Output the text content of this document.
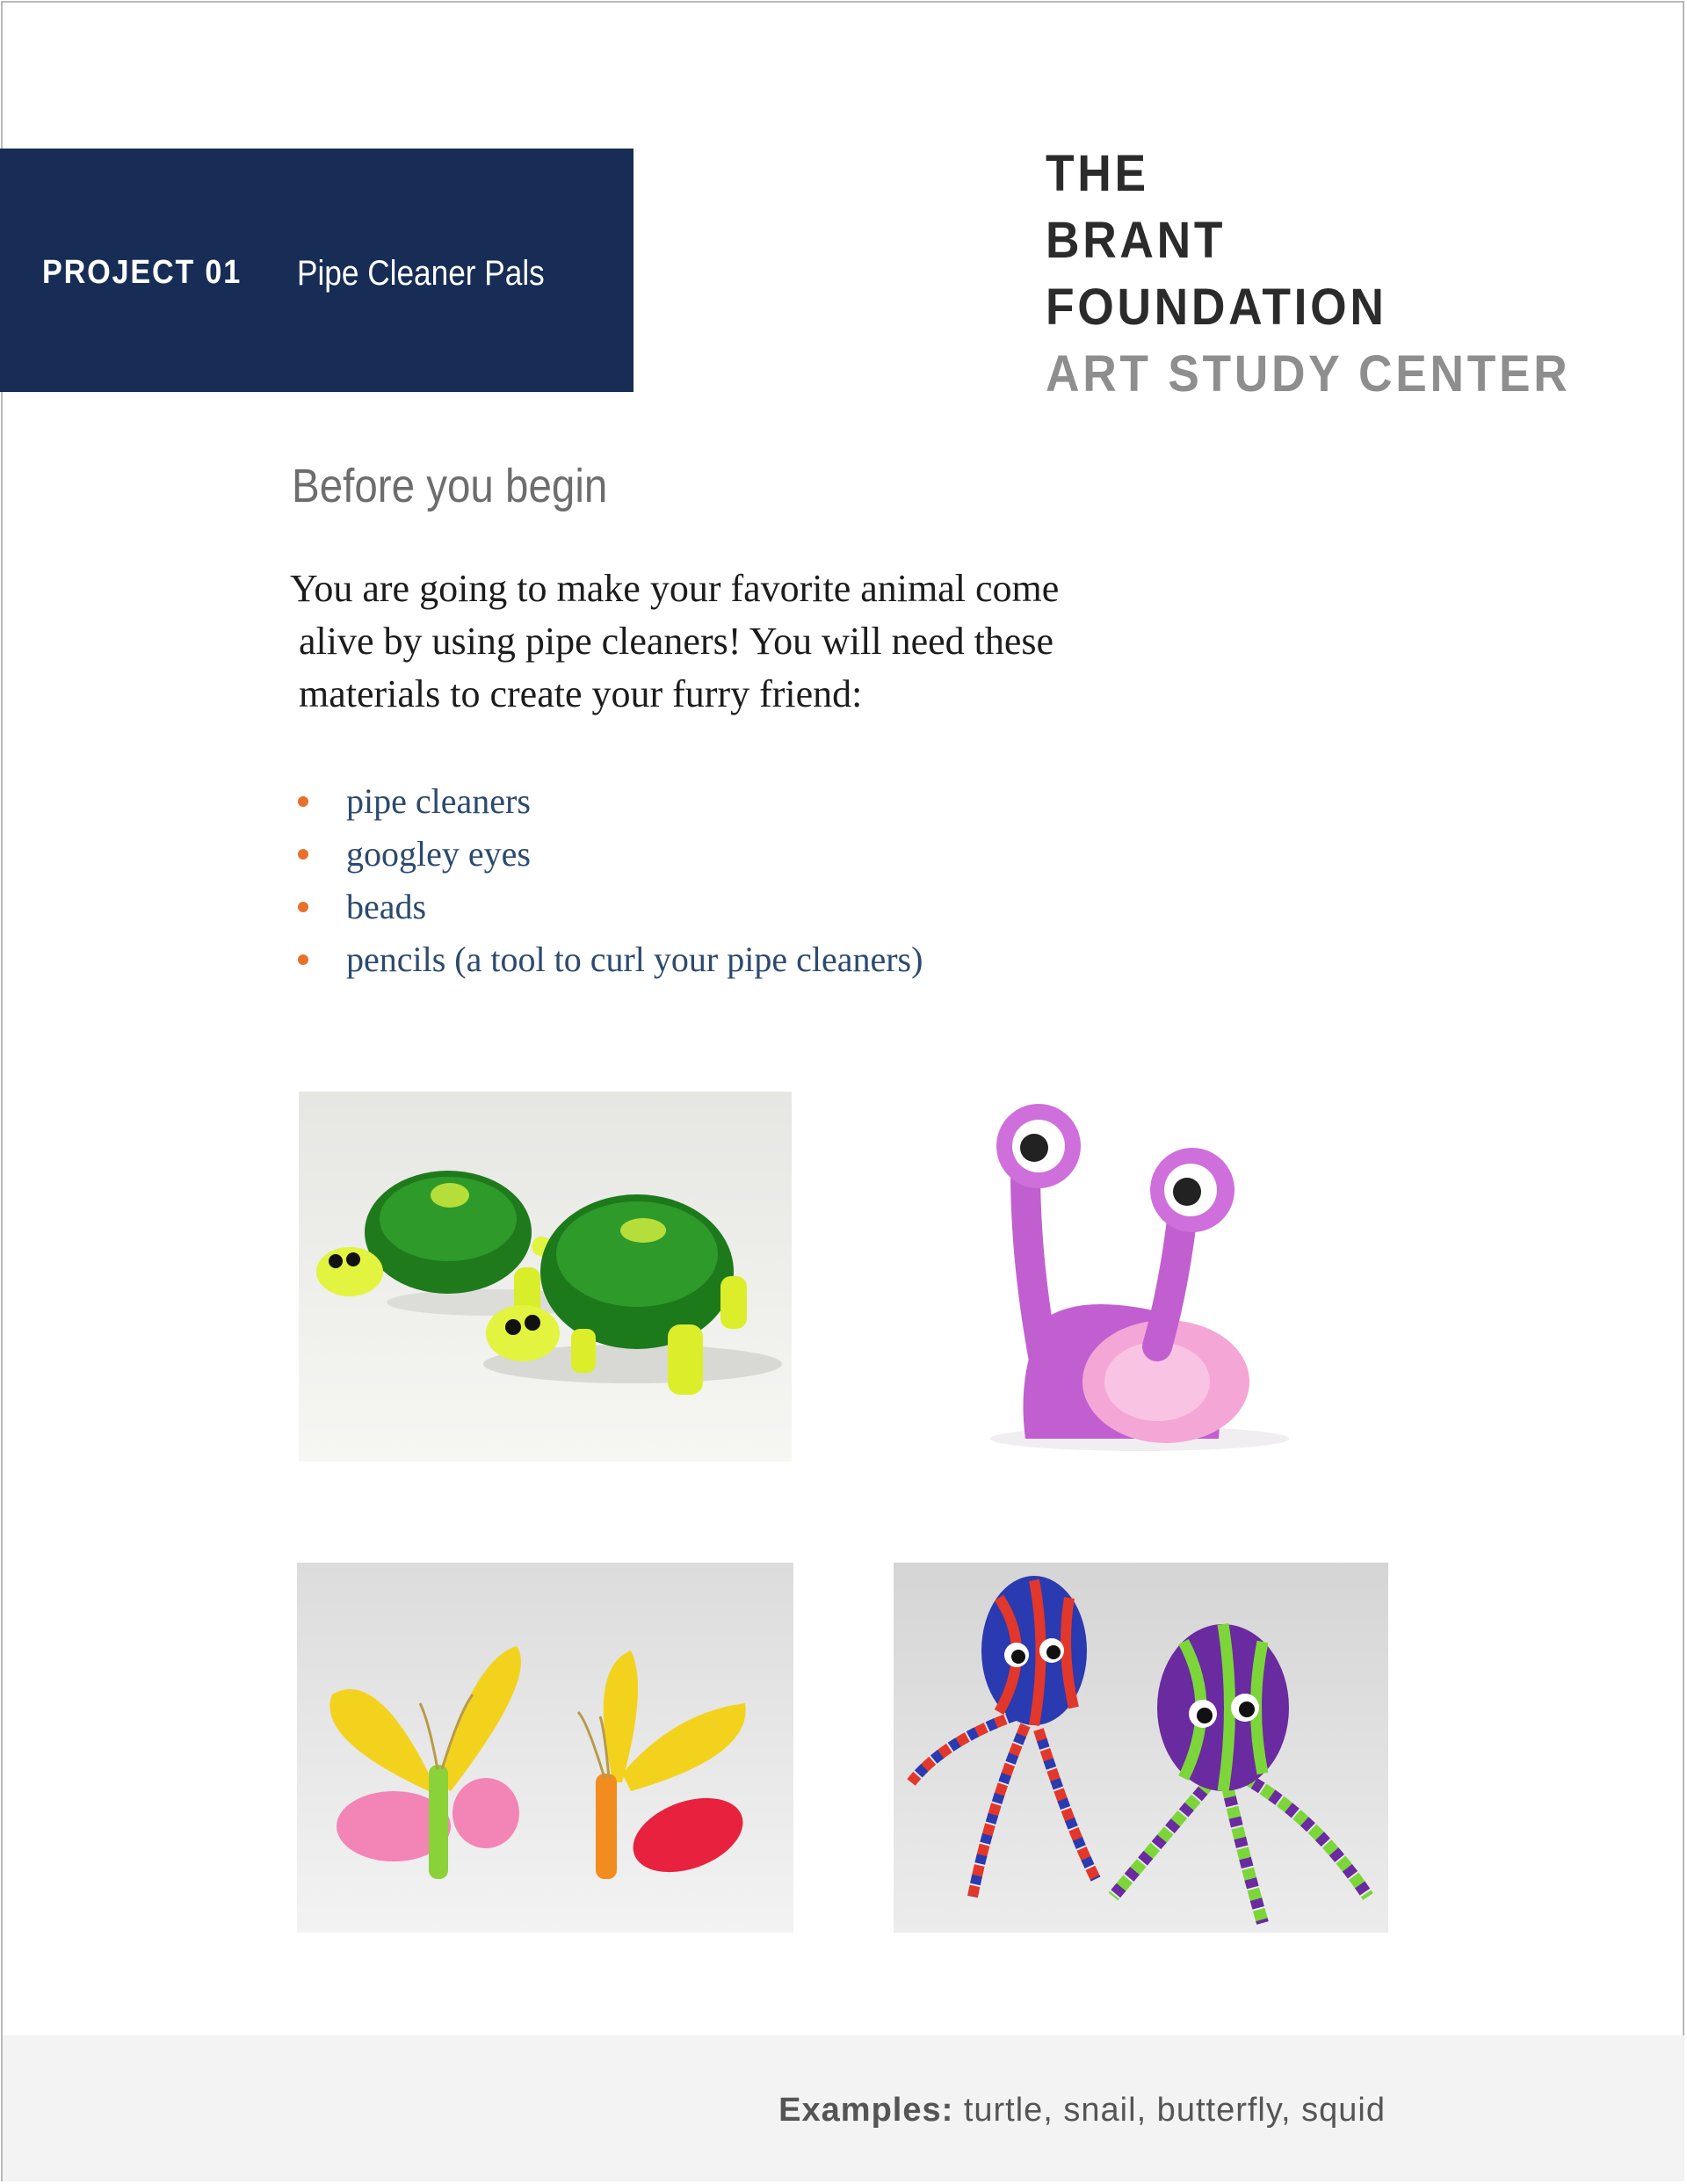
PROJECT 01 Pipe Cleaner Pals
THE
BRANT
FOUNDATION
ART STUDY CENTER
Before you begin
You are going to make your favorite animal come
alive by using pipe cleaners! You will need these
materials to create your furry friend:
pipe cleaners
googley eyes
beads
pencils (a tool to curl your pipe cleaners)
Examples: turtle, snail, butterfly, squid
